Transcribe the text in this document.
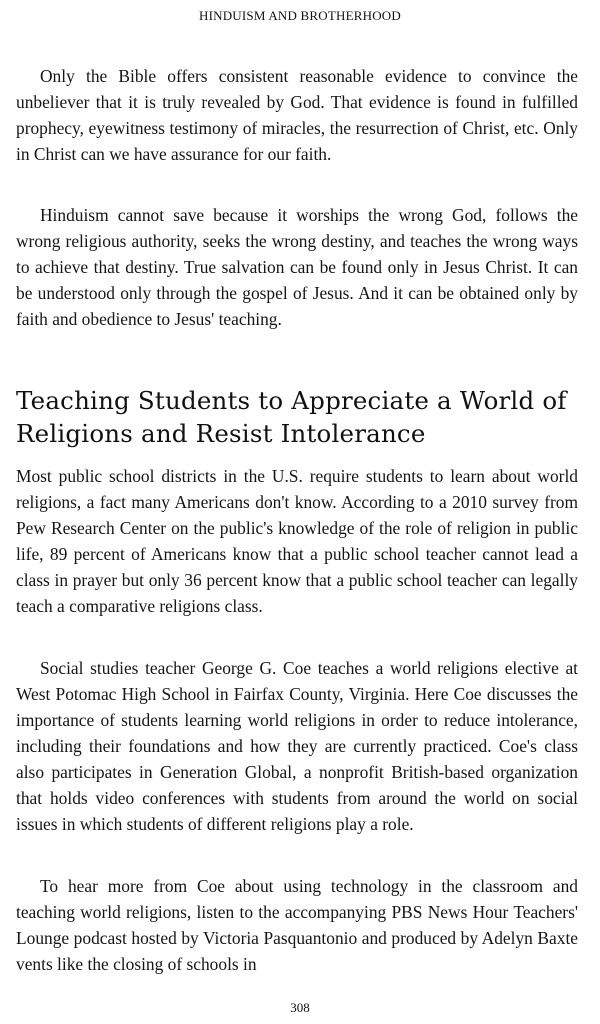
HINDUISM AND BROTHERHOOD

Only the Bible offers consistent reasonable evidence to convince the unbeliever that it is truly revealed by God. That evidence is found in fulfilled prophecy, eyewitness testimony of miracles, the resurrection of Christ, etc. Only in Christ can we have assurance for our faith.

Hinduism cannot save because it worships the wrong God, follows the wrong religious authority, seeks the wrong destiny, and teaches the wrong ways to achieve that destiny. True salvation can be found only in Jesus Christ. It can be understood only through the gospel of Jesus. And it can be obtained only by faith and obedience to Jesus' teaching.

Teaching Students to Appreciate a World of Religions and Resist Intolerance

Most public school districts in the U.S. require students to learn about world religions, a fact many Americans don't know. According to a 2010 survey from Pew Research Center on the public's knowledge of the role of religion in public life, 89 percent of Americans know that a public school teacher cannot lead a class in prayer but only 36 percent know that a public school teacher can legally teach a comparative religions class.

Social studies teacher George G. Coe teaches a world religions elective at West Potomac High School in Fairfax County, Virginia. Here Coe discusses the importance of students learning world religions in order to reduce intolerance, including their foundations and how they are currently practiced. Coe's class also participates in Generation Global, a nonprofit British-based organization that holds video conferences with students from around the world on social issues in which students of different religions play a role.

To hear more from Coe about using technology in the classroom and teaching world religions, listen to the accompanying PBS News Hour Teachers' Lounge podcast hosted by Victoria Pasquantonio and produced by Adelyn Baxte vents like the closing of schools in

308
